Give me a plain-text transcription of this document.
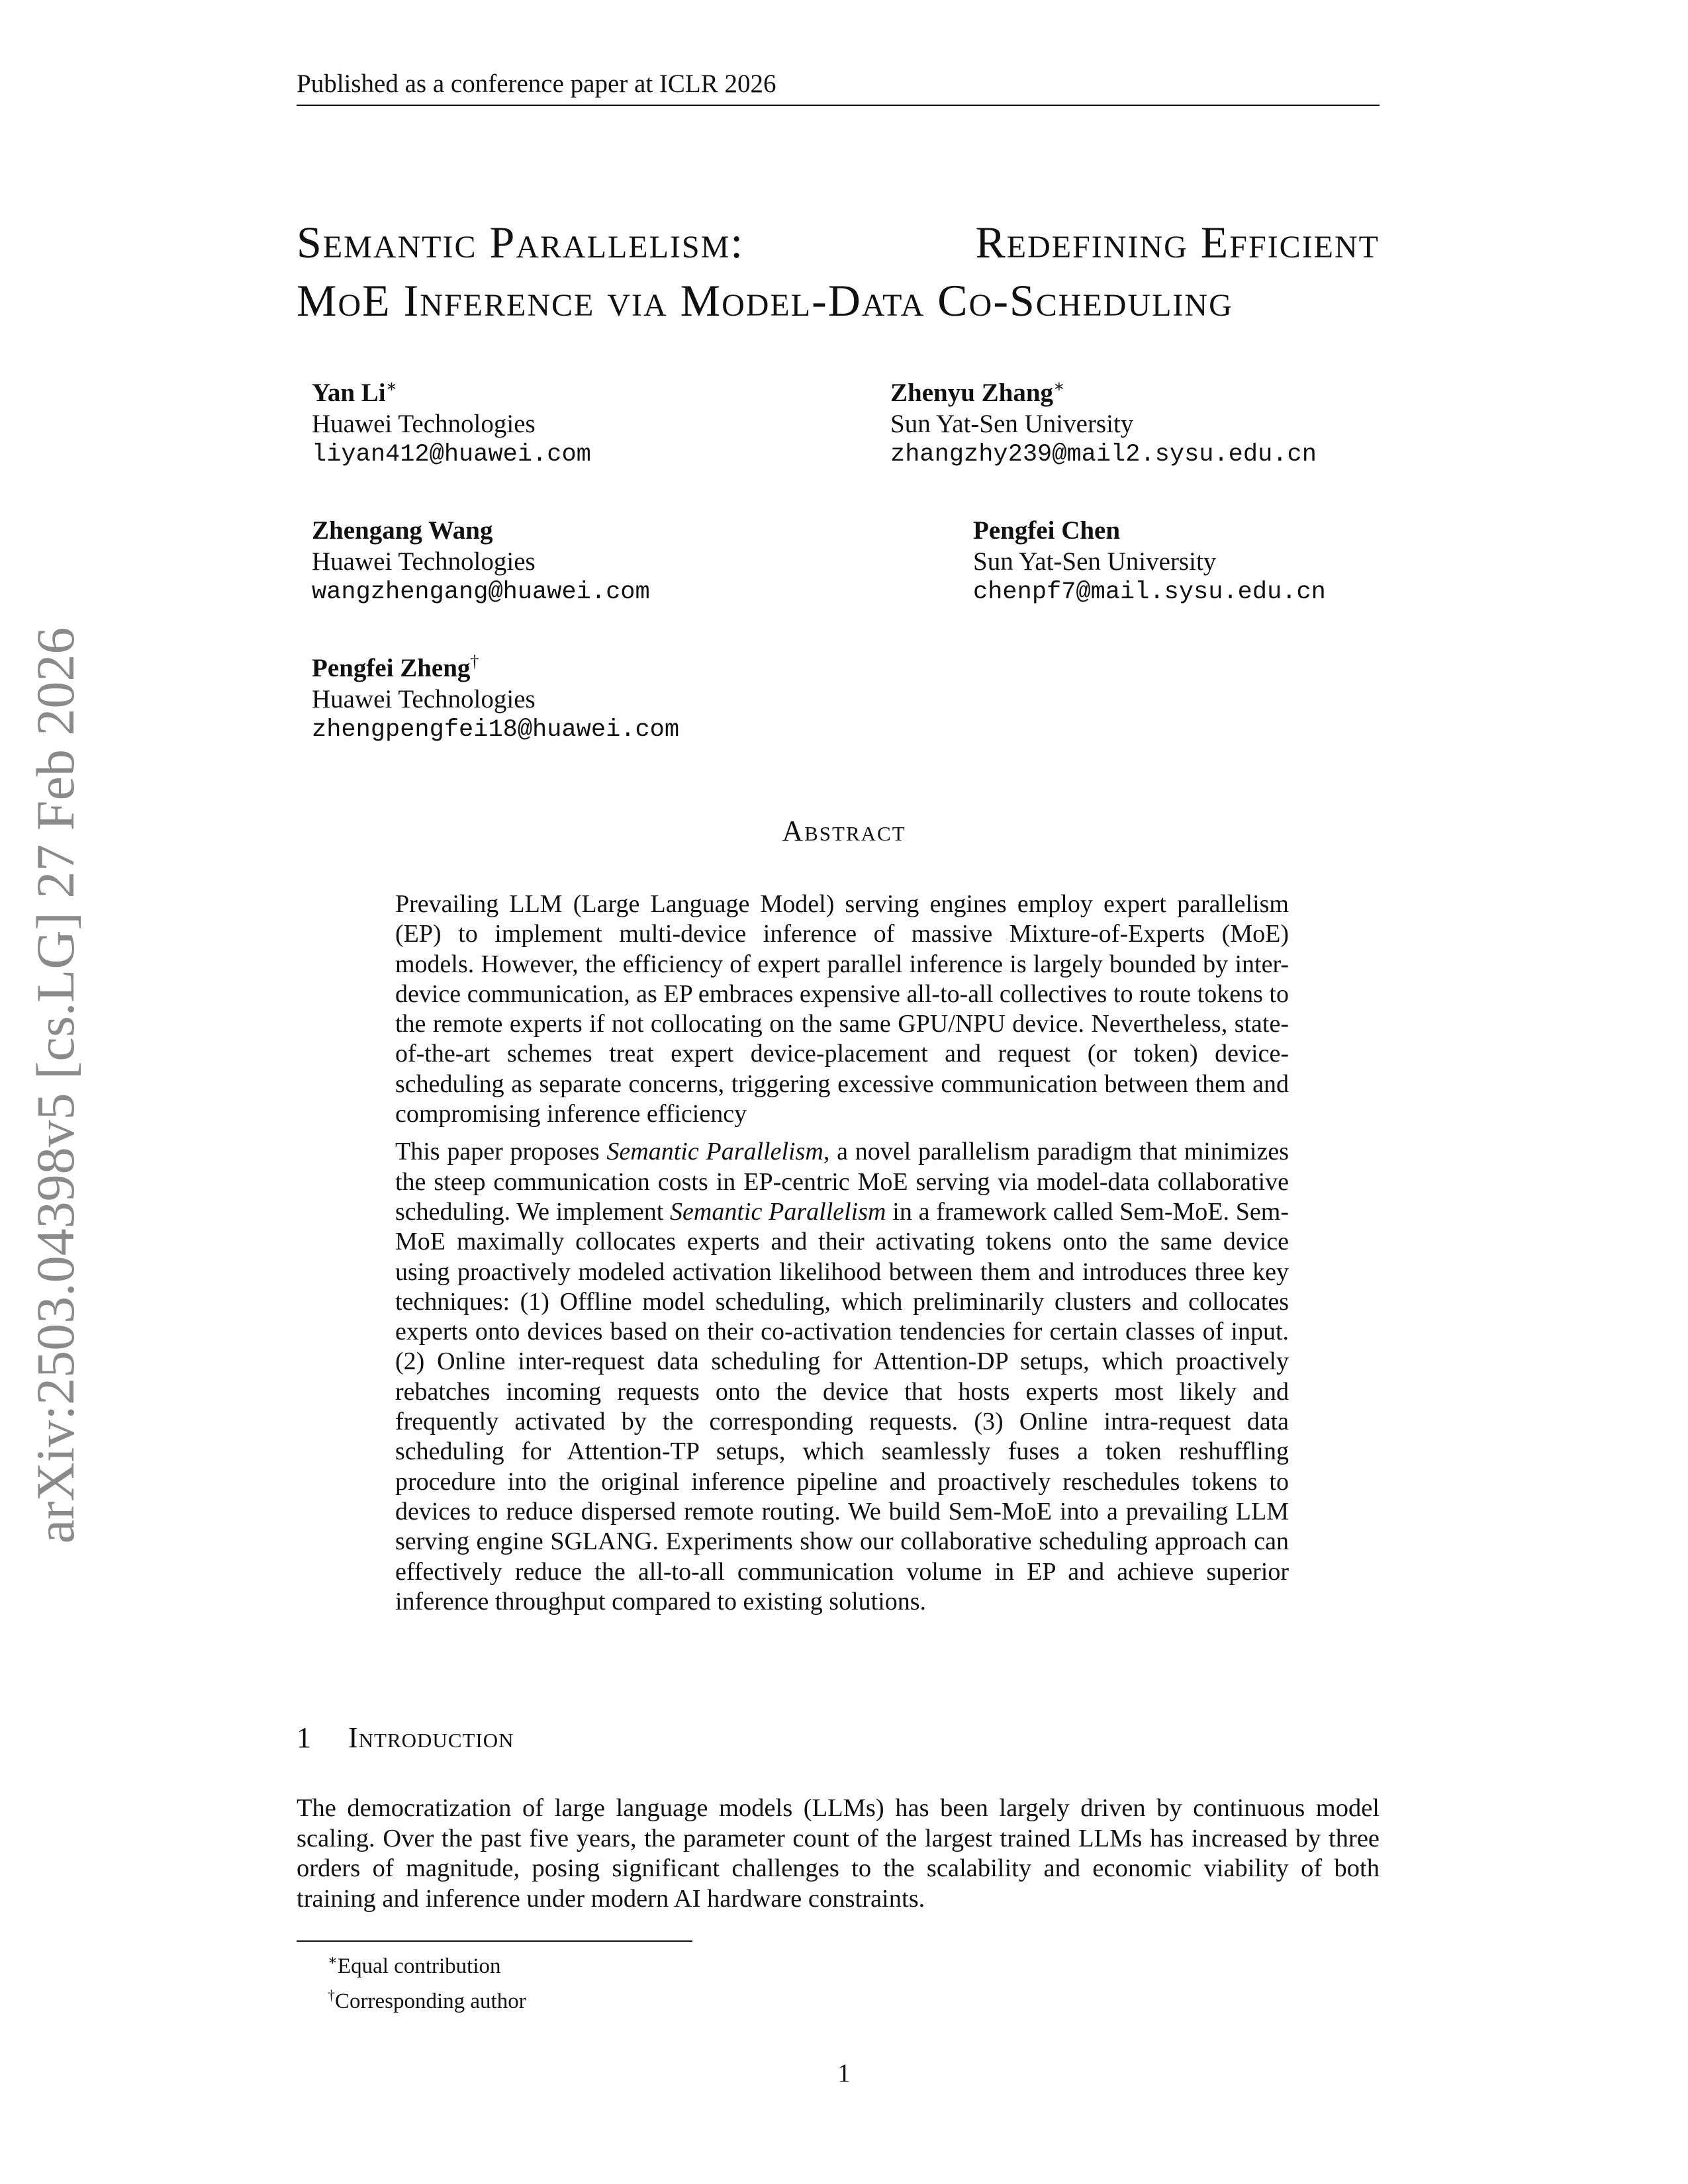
Published as a conference paper at ICLR 2026
Semantic Parallelism:	Redefining Efficient
MoE Inference via Model-Data Co-Scheduling
Yan Li∗
Huawei Technologies
liyan412@huawei.com
Zhenyu Zhang∗
Sun Yat-Sen University
zhangzhy239@mail2.sysu.edu.cn
Zhengang Wang
Huawei Technologies
wangzhengang@huawei.com
Pengfei Chen
Sun Yat-Sen University
chenpf7@mail.sysu.edu.cn
Pengfei Zheng†
Huawei Technologies
zhengpengfei18@huawei.com
Abstract

Prevailing LLM (Large Language Model) serving engines employ expert parallelism (EP) to implement multi-device inference of massive Mixture-of-Experts (MoE) models. However, the efficiency of expert parallel inference is largely bounded by inter-device communication, as EP embraces expensive all-to-all collectives to route tokens to the remote experts if not collocating on the same GPU/NPU device. Nevertheless, state-of-the-art schemes treat expert device-placement and request (or token) device-scheduling as separate concerns, triggering excessive communication between them and compromising inference efficiency

This paper proposes Semantic Parallelism, a novel parallelism paradigm that minimizes the steep communication costs in EP-centric MoE serving via model-data collaborative scheduling. We implement Semantic Parallelism in a framework called Sem-MoE. Sem-MoE maximally collocates experts and their activating tokens onto the same device using proactively modeled activation likelihood between them and introduces three key techniques: (1) Offline model scheduling, which preliminarily clusters and collocates experts onto devices based on their co-activation tendencies for certain classes of input. (2) Online inter-request data scheduling for Attention-DP setups, which proactively rebatches incoming requests onto the device that hosts experts most likely and frequently activated by the corresponding requests. (3) Online intra-request data scheduling for Attention-TP setups, which seamlessly fuses a token reshuffling procedure into the original inference pipeline and proactively reschedules tokens to devices to reduce dispersed remote routing. We build Sem-MoE into a prevailing LLM serving engine SGLANG. Experiments show our collaborative scheduling approach can effectively reduce the all-to-all communication volume in EP and achieve superior inference throughput compared to existing solutions.

1 Introduction
The democratization of large language models (LLMs) has been largely driven by continuous model scaling. Over the past five years, the parameter count of the largest trained LLMs has increased by three orders of magnitude, posing significant challenges to the scalability and economic viability of both training and inference under modern AI hardware constraints.
∗Equal contribution
†Corresponding author
1
arXiv:2503.04398v5 [cs.LG] 27 Feb 2026
